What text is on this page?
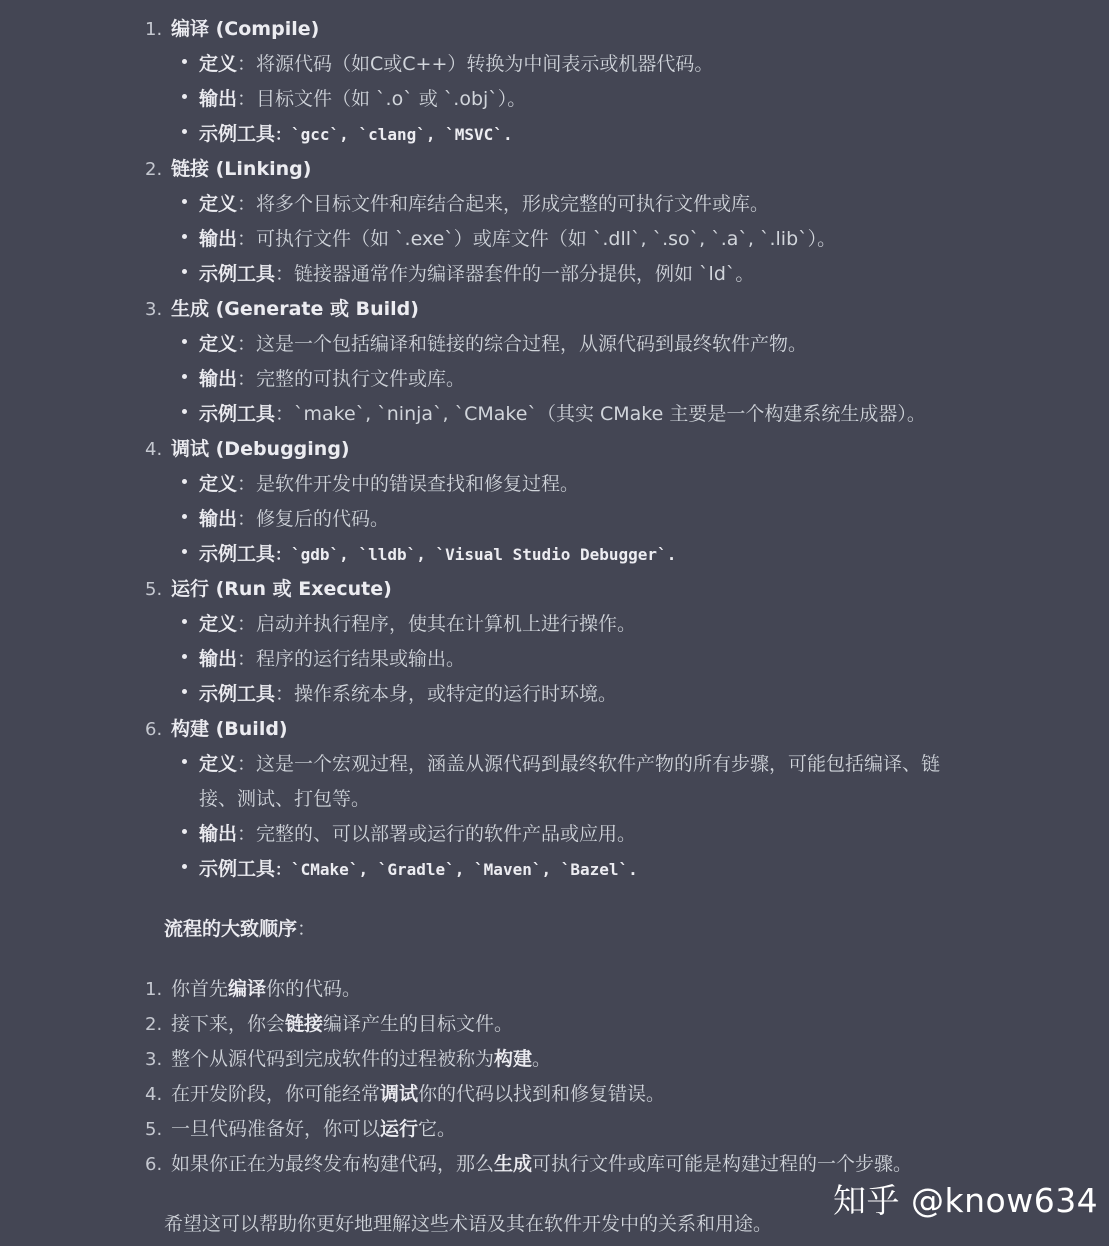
1. 编译 (Compile)
定义：将源代码（如C或C++）转换为中间表示或机器代码。
输出：目标文件（如 `.o` 或 `.obj`）。
示例工具：`gcc`, `clang`, `MSVC`.
2. 链接 (Linking)
定义：将多个目标文件和库结合起来，形成完整的可执行文件或库。
输出：可执行文件（如 `.exe`）或库文件（如 `.dll`, `.so`, `.a`, `.lib`）。
示例工具：链接器通常作为编译器套件的一部分提供，例如 `ld`。
3. 生成 (Generate 或 Build)
定义：这是一个包括编译和链接的综合过程，从源代码到最终软件产物。
输出：完整的可执行文件或库。
示例工具：`make`, `ninja`, `CMake`（其实 CMake 主要是一个构建系统生成器）。
4. 调试 (Debugging)
定义：是软件开发中的错误查找和修复过程。
输出：修复后的代码。
示例工具：`gdb`, `lldb`, `Visual Studio Debugger`.
5. 运行 (Run 或 Execute)
定义：启动并执行程序，使其在计算机上进行操作。
输出：程序的运行结果或输出。
示例工具：操作系统本身，或特定的运行时环境。
6. 构建 (Build)
定义：这是一个宏观过程，涵盖从源代码到最终软件产物的所有步骤，可能包括编译、链
接、测试、打包等。
输出：完整的、可以部署或运行的软件产品或应用。
示例工具：`CMake`, `Gradle`, `Maven`, `Bazel`.
流程的大致顺序：
1. 你首先编译你的代码。
2. 接下来，你会链接编译产生的目标文件。
3. 整个从源代码到完成软件的过程被称为构建。
4. 在开发阶段，你可能经常调试你的代码以找到和修复错误。
5. 一旦代码准备好，你可以运行它。
6. 如果你正在为最终发布构建代码，那么生成可执行文件或库可能是构建过程的一个步骤。
希望这可以帮助你更好地理解这些术语及其在软件开发中的关系和用途。
知乎 @know634
